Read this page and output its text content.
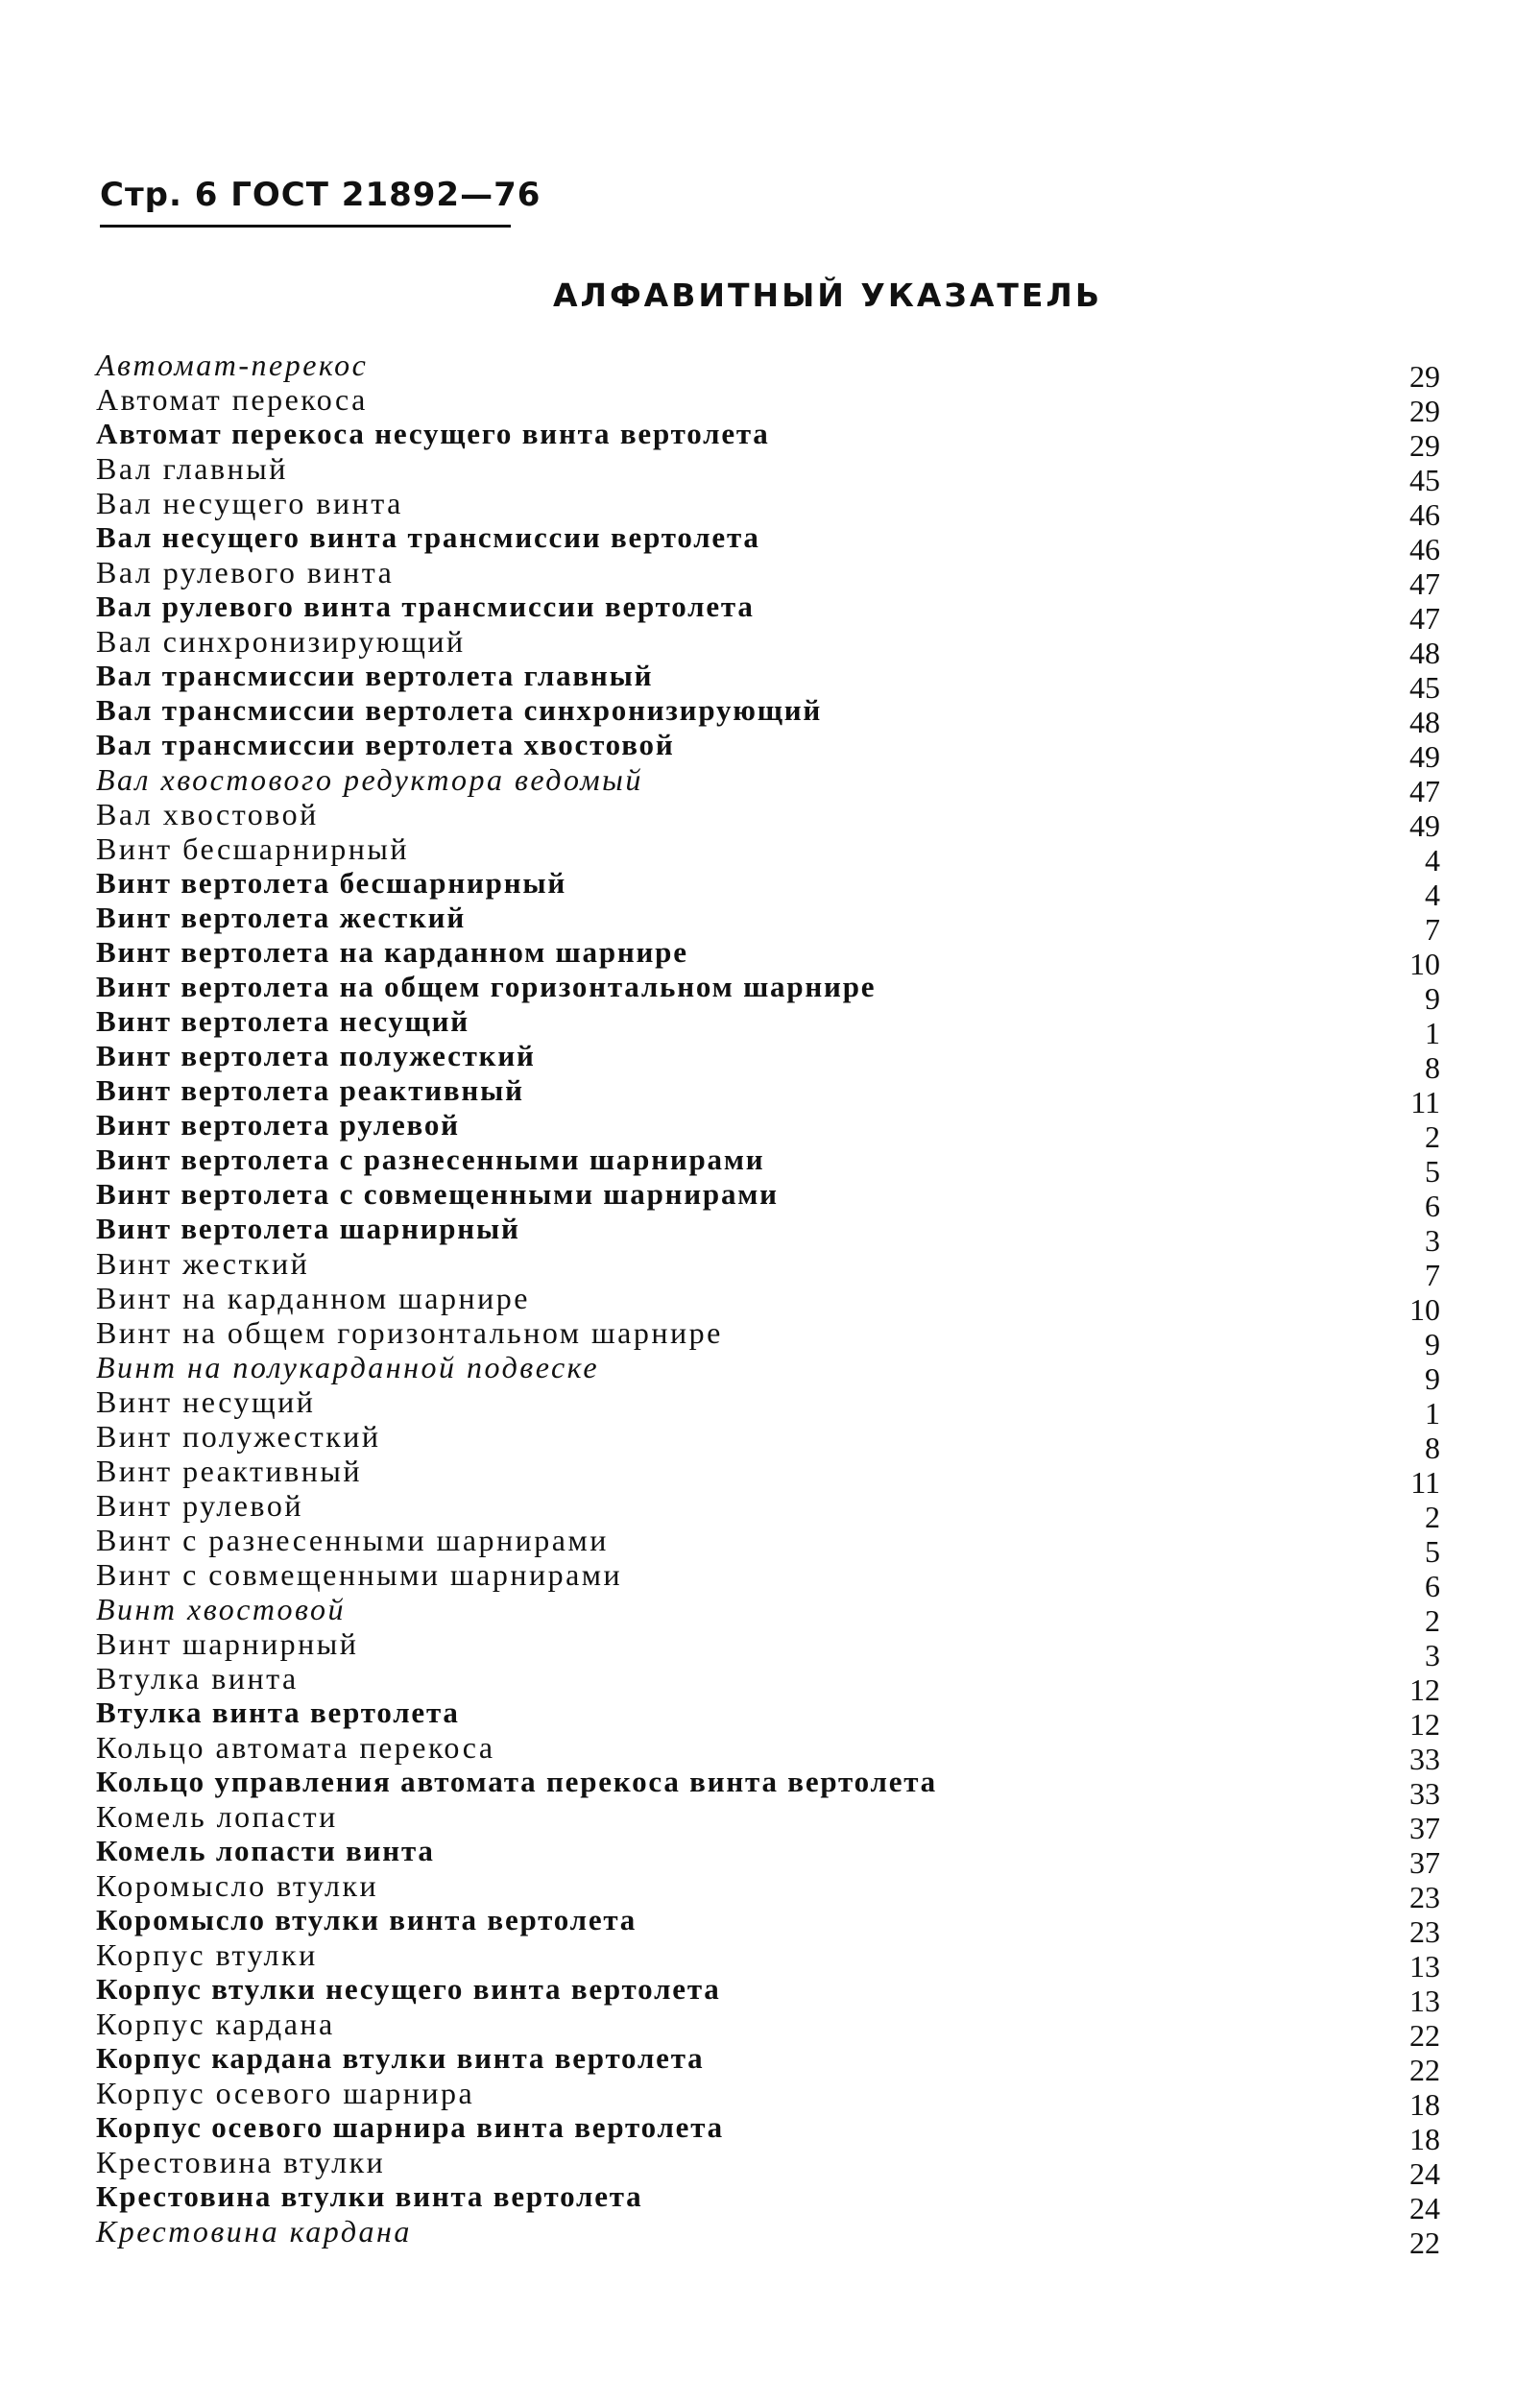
Стр. 6 ГОСТ 21892—76
АЛФАВИТНЫЙ УКАЗАТЕЛЬ
Автомат-перекос	29
Автомат перекоса	29
Автомат перекоса несущего винта вертолета	29
Вал главный	45
Вал несущего винта	46
Вал несущего винта трансмиссии вертолета	46
Вал рулевого винта	47
Вал рулевого винта трансмиссии вертолета	47
Вал синхронизирующий	48
Вал трансмиссии вертолета главный	45
Вал трансмиссии вертолета синхронизирующий	48
Вал трансмиссии вертолета хвостовой	49
Вал хвостового редуктора ведомый	47
Вал хвостовой	49
Винт бесшарнирный	4
Винт вертолета бесшарнирный	4
Винт вертолета жесткий	7
Винт вертолета на карданном шарнире	10
Винт вертолета на общем горизонтальном шарнире	9
Винт вертолета несущий	1
Винт вертолета полужесткий	8
Винт вертолета реактивный	11
Винт вертолета рулевой	2
Винт вертолета с разнесенными шарнирами	5
Винт вертолета с совмещенными шарнирами	6
Винт вертолета шарнирный	3
Винт жесткий	7
Винт на карданном шарнире	10
Винт на общем горизонтальном шарнире	9
Винт на полукарданной подвеске	9
Винт несущий	1
Винт полужесткий	8
Винт реактивный	11
Винт рулевой	2
Винт с разнесенными шарнирами	5
Винт с совмещенными шарнирами	6
Винт хвостовой	2
Винт шарнирный	3
Втулка винта	12
Втулка винта вертолета	12
Кольцо автомата перекоса	33
Кольцо управления автомата перекоса винта вертолета	33
Комель лопасти	37
Комель лопасти винта	37
Коромысло втулки	23
Коромысло втулки винта вертолета	23
Корпус втулки	13
Корпус втулки несущего винта вертолета	13
Корпус кардана	22
Корпус кардана втулки винта вертолета	22
Корпус осевого шарнира	18
Корпус осевого шарнира винта вертолета	18
Крестовина втулки	24
Крестовина втулки винта вертолета	24
Крестовина кардана	22
